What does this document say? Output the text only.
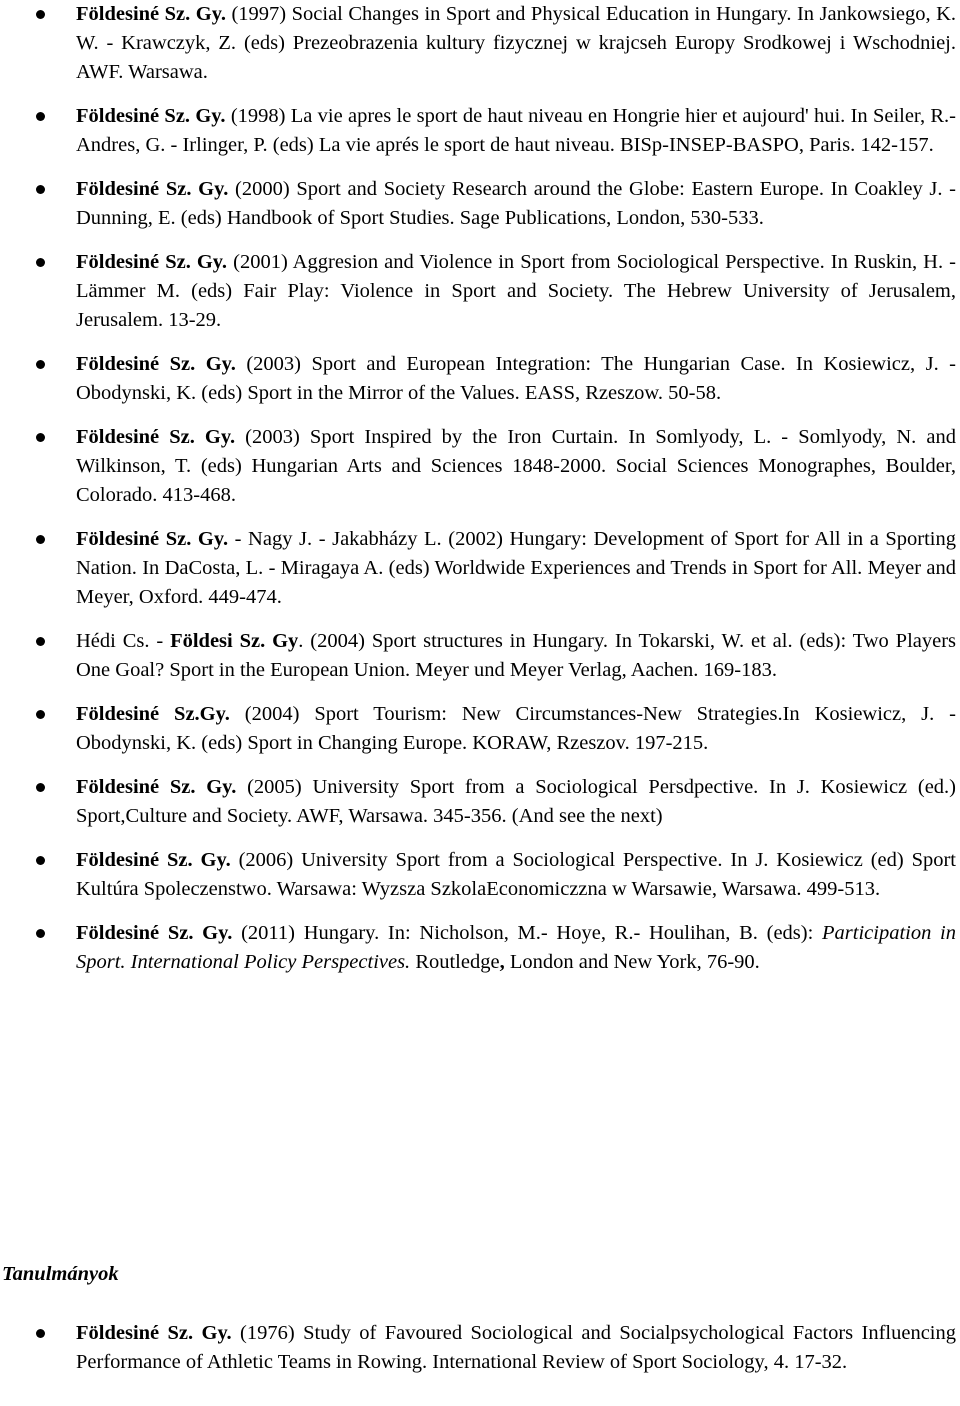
Földesiné Sz. Gy. (1997) Social Changes in Sport and Physical Education in Hungary. In Jankowsiego, K. W. - Krawczyk, Z. (eds) Prezeobrazenia kultury fizycznej w krajcseh Europy Srodkowej i Wschodniej. AWF. Warsawa.
Földesiné Sz. Gy. (1998) La vie apres le sport de haut niveau en Hongrie hier et aujourd' hui. In Seiler, R.- Andres, G. - Irlinger, P. (eds) La vie aprés le sport de haut niveau. BISp-INSEP-BASPO, Paris. 142-157.
Földesiné Sz. Gy. (2000) Sport and Society Research around the Globe: Eastern Europe. In Coakley J. - Dunning, E. (eds) Handbook of Sport Studies. Sage Publications, London, 530-533.
Földesiné Sz. Gy. (2001) Aggresion and Violence in Sport from Sociological Perspective. In Ruskin, H. - Lämmer M. (eds) Fair Play: Violence in Sport and Society. The Hebrew University of Jerusalem, Jerusalem. 13-29.
Földesiné Sz. Gy. (2003) Sport and European Integration: The Hungarian Case. In Kosiewicz, J. - Obodynski, K. (eds) Sport in the Mirror of the Values. EASS, Rzeszow. 50-58.
Földesiné Sz. Gy. (2003) Sport Inspired by the Iron Curtain. In Somlyody, L. - Somlyody, N. and Wilkinson, T. (eds) Hungarian Arts and Sciences 1848-2000. Social Sciences Monographes, Boulder, Colorado. 413-468.
Földesiné Sz. Gy. - Nagy J. - Jakabházy L. (2002) Hungary: Development of Sport for All in a Sporting Nation. In DaCosta, L. - Miragaya A. (eds) Worldwide Experiences and Trends in Sport for All. Meyer and Meyer, Oxford. 449-474.
Hédi Cs. - Földesi Sz. Gy. (2004) Sport structures in Hungary. In Tokarski, W. et al. (eds): Two Players One Goal? Sport in the European Union. Meyer und Meyer Verlag, Aachen. 169-183.
Földesiné Sz.Gy. (2004) Sport Tourism: New Circumstances-New Strategies.In Kosiewicz, J. - Obodynski, K. (eds) Sport in Changing Europe. KORAW, Rzeszov. 197-215.
Földesiné Sz. Gy. (2005) University Sport from a Sociological Persdpective. In J. Kosiewicz (ed.) Sport,Culture and Society. AWF, Warsawa. 345-356. (And see the next)
Földesiné Sz. Gy. (2006) University Sport from a Sociological Perspective. In J. Kosiewicz (ed) Sport Kultúra Spoleczenstwo. Warsawa: Wyzsza SzkolaEconomiczzna w Warsawie, Warsawa. 499-513.
Földesiné Sz. Gy. (2011) Hungary. In: Nicholson, M.- Hoye, R.- Houlihan, B. (eds): Participation in Sport. International Policy Perspectives. Routledge, London and New York, 76-90.
Tanulmányok
Földesiné Sz. Gy. (1976) Study of Favoured Sociological and Socialpsychological Factors Influencing Performance of Athletic Teams in Rowing. International Review of Sport Sociology, 4. 17-32.
